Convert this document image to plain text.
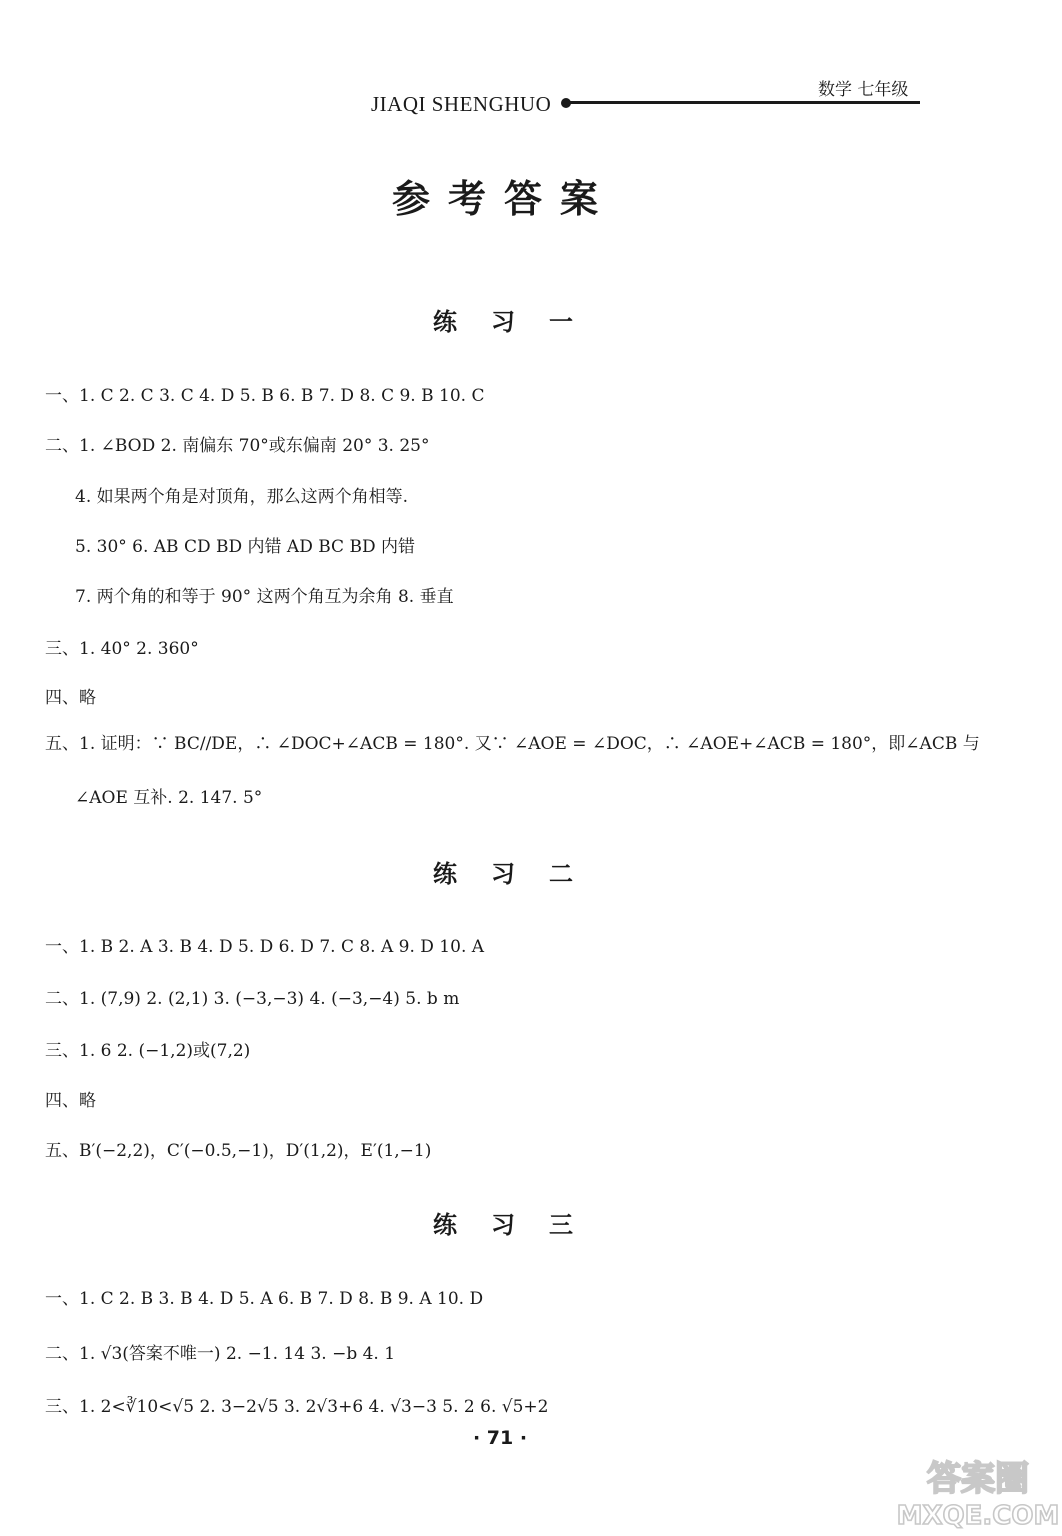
JIAQI SHENGHUO
数学 七年级
参考答案
练习一
一、1. C 2. C 3. C 4. D 5. B 6. B 7. D 8. C 9. B 10. C
二、1. ∠BOD 2. 南偏东 70°或东偏南 20° 3. 25°
4. 如果两个角是对顶角，那么这两个角相等.
5. 30° 6. AB CD BD 内错 AD BC BD 内错
7. 两个角的和等于 90° 这两个角互为余角 8. 垂直
三、1. 40° 2. 360°
四、略
五、1. 证明：∵ BC//DE，∴ ∠DOC+∠ACB = 180°. 又∵ ∠AOE = ∠DOC，∴ ∠AOE+∠ACB = 180°，即∠ACB 与
∠AOE 互补. 2. 147. 5°
练习二
一、1. B 2. A 3. B 4. D 5. D 6. D 7. C 8. A 9. D 10. A
二、1. (7,9) 2. (2,1) 3. (−3,−3) 4. (−3,−4) 5. b m
三、1. 6 2. (−1,2)或(7,2)
四、略
五、B′(−2,2)，C′(−0.5,−1)，D′(1,2)，E′(1,−1)
练习三
一、1. C 2. B 3. B 4. D 5. A 6. B 7. D 8. B 9. A 10. D
二、1. √3(答案不唯一) 2. −1. 14 3. −b 4. 1
三、1. 2<∛10<√5 2. 3−2√5 3. 2√3+6 4. √3−3 5. 2 6. √5+2
· 71 ·
答案圈
MXQE.COM
